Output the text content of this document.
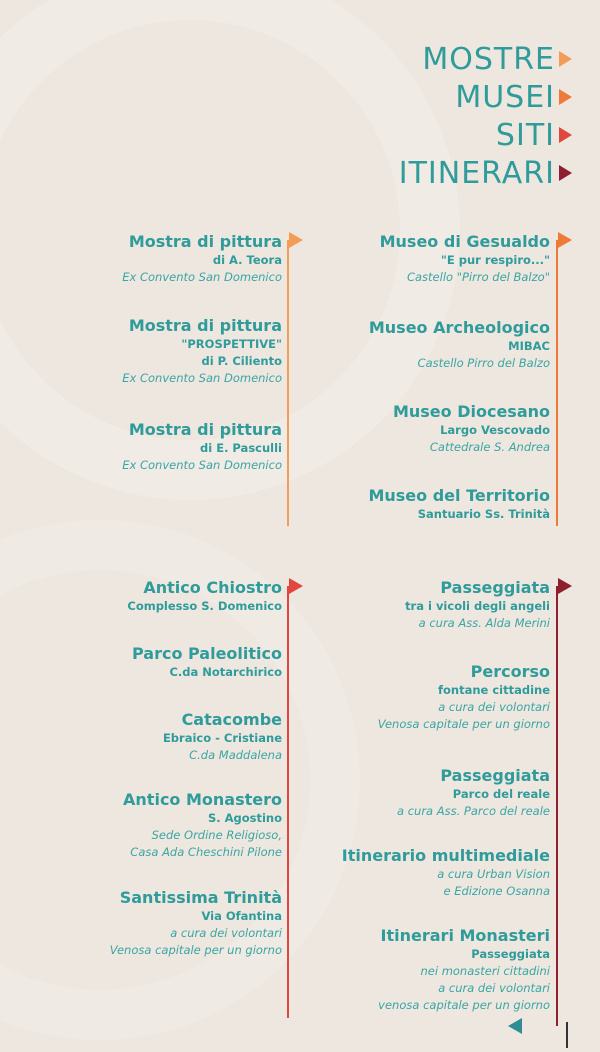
MOSTRE
MUSEI
SITI
ITINERARI
Mostra di pittura
di A. Teora
Ex Convento San Domenico
Mostra di pittura
"PROSPETTIVE"
di P. Ciliento
Ex Convento San Domenico
Mostra di pittura
di E. Pasculli
Ex Convento San Domenico
Museo di Gesualdo
"E pur respiro..."
Castello "Pirro del Balzo"
Museo Archeologico
MIBAC
Castello Pirro del Balzo
Museo Diocesano
Largo Vescovado
Cattedrale S. Andrea
Museo del Territorio
Santuario Ss. Trinità
Antico Chiostro
Complesso S. Domenico
Parco Paleolitico
C.da Notarchirico
Catacombe
Ebraico - Cristiane
C.da Maddalena
Antico Monastero
S. Agostino
Sede Ordine Religioso,
Casa Ada Cheschini Pilone
Santissima Trinità
Via Ofantina
a cura dei volontari
Venosa capitale per un giorno
Passeggiata
tra i vicoli degli angeli
a cura Ass. Alda Merini
Percorso
fontane cittadine
a cura dei volontari
Venosa capitale per un giorno
Passeggiata
Parco del reale
a cura Ass. Parco del reale
Itinerario multimediale
a cura Urban Vision
e Edizione Osanna
Itinerari Monasteri
Passeggiata
nei monasteri cittadini
a cura dei volontari
venosa capitale per un giorno
